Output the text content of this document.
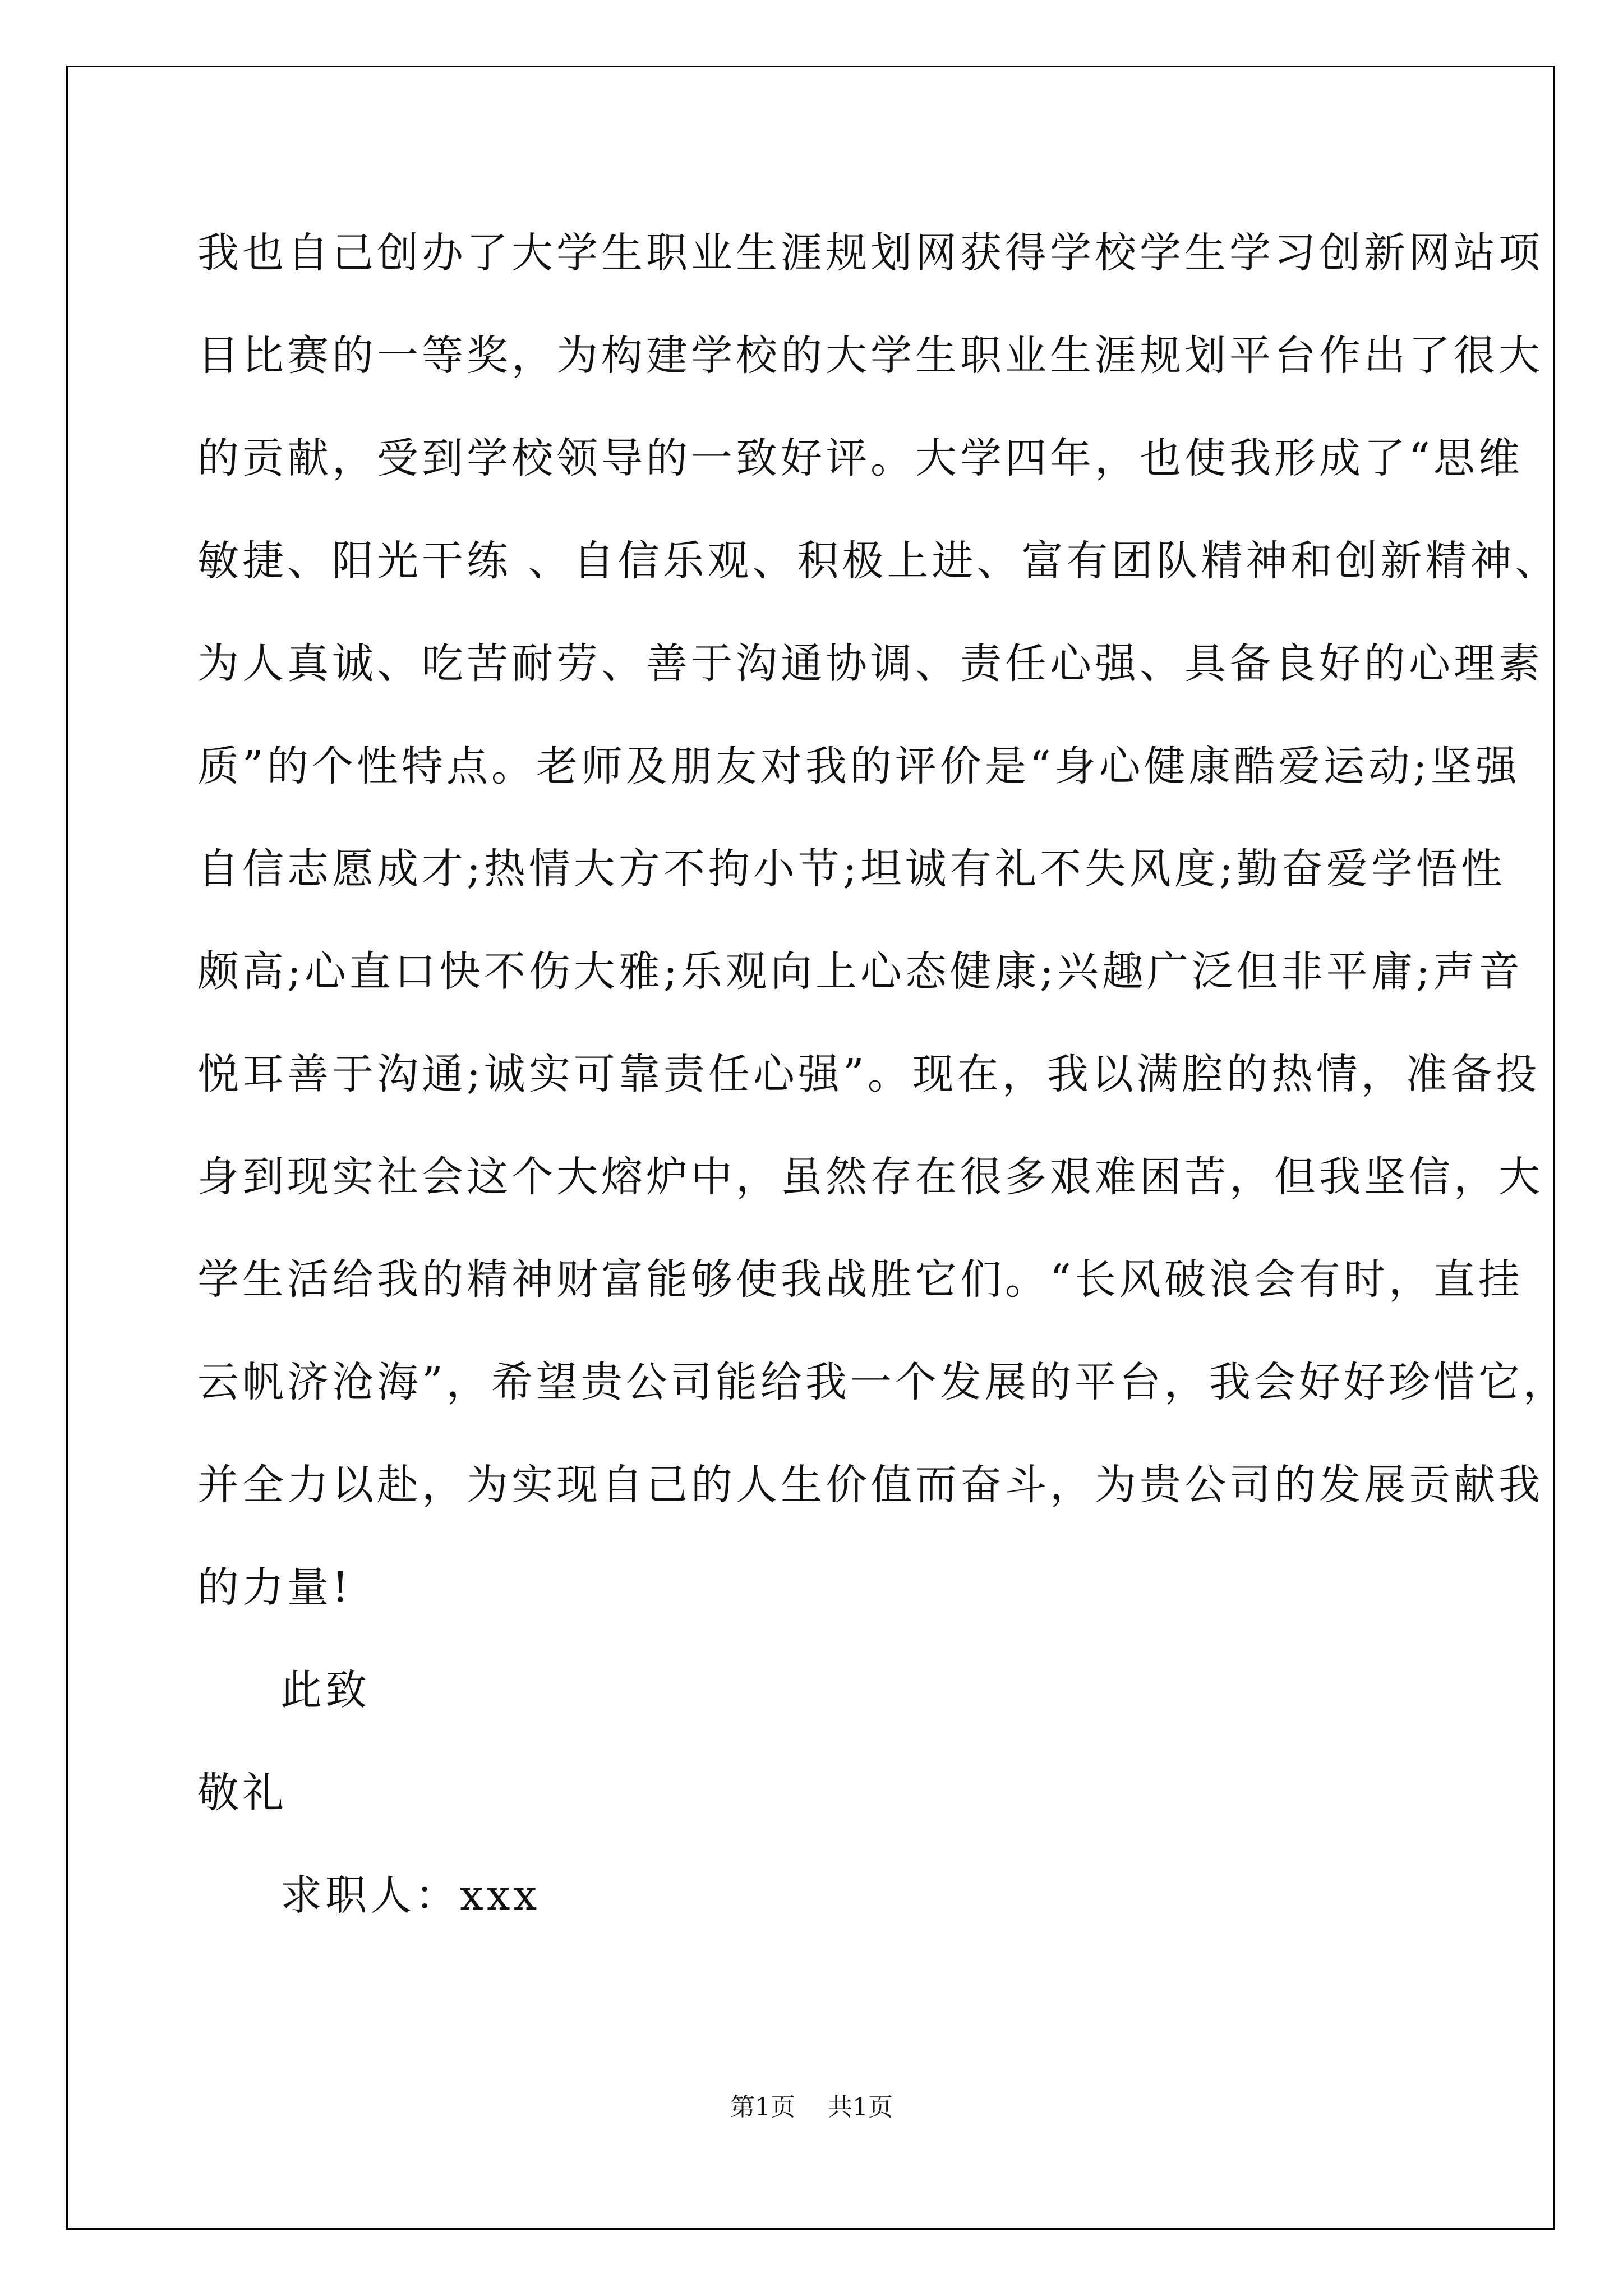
我也自己创办了大学生职业生涯规划网获得学校学生学习创新网站项
目比赛的一等奖，为构建学校的大学生职业生涯规划平台作出了很大
的贡献，受到学校领导的一致好评。大学四年，也使我形成了“思维
敏捷、阳光干练 、自信乐观、积极上进、富有团队精神和创新精神、
为人真诚、吃苦耐劳、善于沟通协调、责任心强、具备良好的心理素
质”的个性特点。老师及朋友对我的评价是“身心健康酷爱运动;坚强
自信志愿成才;热情大方不拘小节;坦诚有礼不失风度;勤奋爱学悟性
颇高;心直口快不伤大雅;乐观向上心态健康;兴趣广泛但非平庸;声音
悦耳善于沟通;诚实可靠责任心强”。现在，我以满腔的热情，准备投
身到现实社会这个大熔炉中，虽然存在很多艰难困苦，但我坚信，大
学生活给我的精神财富能够使我战胜它们。“长风破浪会有时，直挂
云帆济沧海”，希望贵公司能给我一个发展的平台，我会好好珍惜它，
并全力以赴，为实现自己的人生价值而奋斗，为贵公司的发展贡献我
的力量!
此致
敬礼
求职人：xxx
第1页 共1页
